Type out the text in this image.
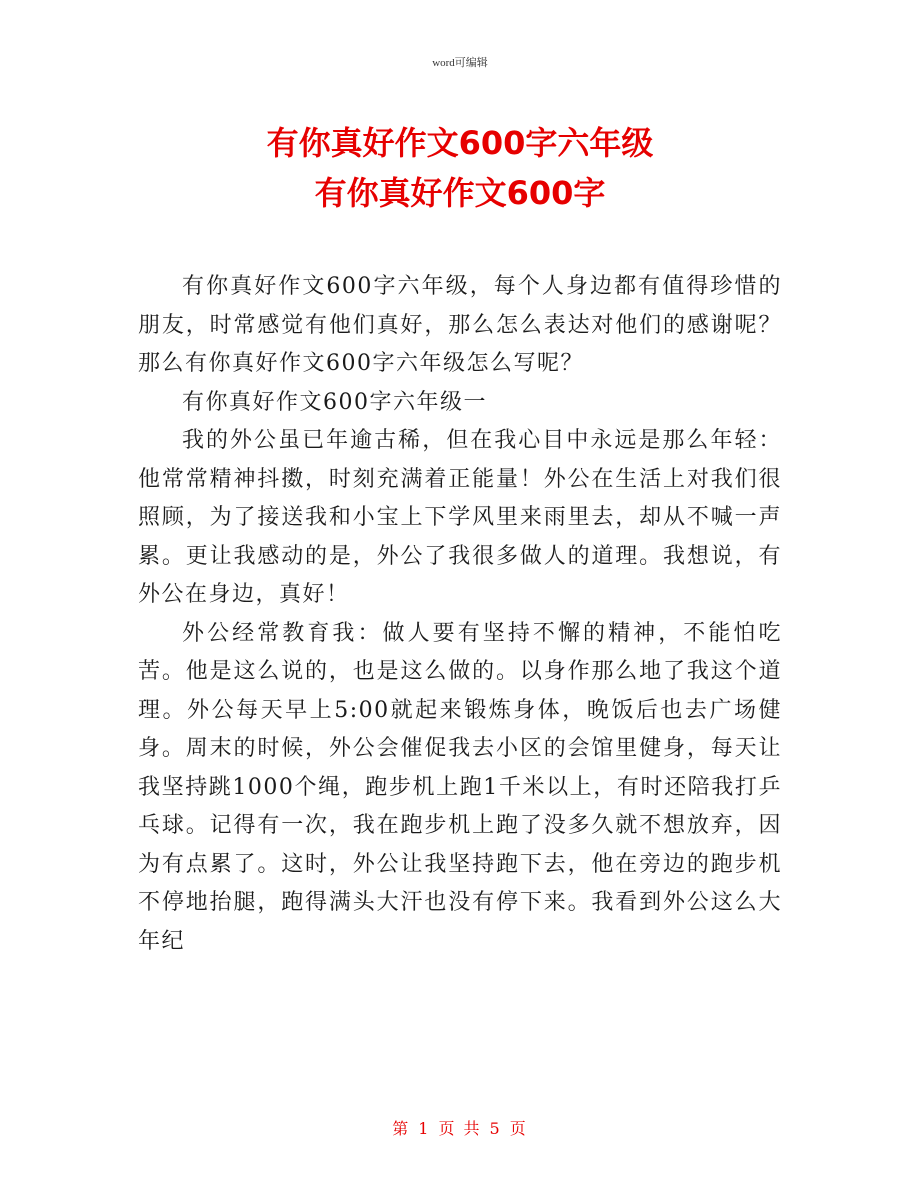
word可编辑
有你真好作文600字六年级
有你真好作文600字

有你真好作文600字六年级，每个人身边都有值得珍惜的朋友，时常感觉有他们真好，那么怎么表达对他们的感谢呢？那么有你真好作文600字六年级怎么写呢？

有你真好作文600字六年级一

我的外公虽已年逾古稀，但在我心目中永远是那么年轻：他常常精神抖擞，时刻充满着正能量！外公在生活上对我们很照顾，为了接送我和小宝上下学风里来雨里去，却从不喊一声累。更让我感动的是，外公了我很多做人的道理。我想说，有外公在身边，真好！

外公经常教育我：做人要有坚持不懈的精神，不能怕吃苦。他是这么说的，也是这么做的。以身作那么地了我这个道理。外公每天早上5:00就起来锻炼身体，晚饭后也去广场健身。周末的时候，外公会催促我去小区的会馆里健身，每天让我坚持跳1000个绳，跑步机上跑1千米以上，有时还陪我打乒乓球。记得有一次，我在跑步机上跑了没多久就不想放弃，因为有点累了。这时，外公让我坚持跑下去，他在旁边的跑步机不停地抬腿，跑得满头大汗也没有停下来。我看到外公这么大年纪

第 1 页 共 5 页
